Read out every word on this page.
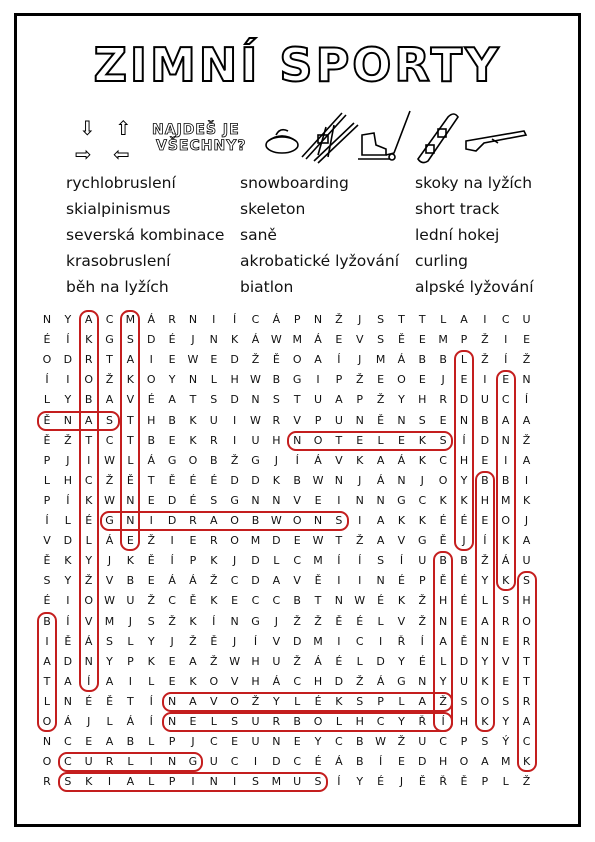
ZIMNÍ SPORTY
⇩ ⇧
⇨ ⇦
NAJDEŠ JE
VŠECHNY?
rychlobruslení
skialpinismus
severská kombinace
krasobruslení
běh na lyžích
snowboarding
skeleton
saně
akrobatické lyžování
biatlon
skoky na lyžích
short track
lední hokej
curling
alpské lyžování
N	Y	A	C	M	Á	R	N	I	Í	C	Á	P	N	Ž	J	S	T	T	L	A	I	C	U
É	Í	K	G	S	D	É	J	N	K	Á	W M	Á	E	V	S	Ě	E	M	P	Ž	I	E
O	D	R	T	A	I	E	W	E	D	Ž	Ě	O	A	Í	J	M	Á	B	B	L	Ž	Í	Ž
Í	I	O	Ž	K	O	Y	N	L	H	W	B	G	I	P	Ž	E	O	E	J	E	I	E	N
L	Y	B	A	V	É	A	T	S	D	N	S	T	U	A	P	Ž	Y	H	R	D	U	C	Í
Ě	N	A	S	T	H	B	K	U	I	W	R	V	P	U	N	Ě	N	S	E	N	B	A	A
Ě	Ž	T	C	T	B	E	K	R	I	U	H	N	O	T	E	L	E	K	S	Í	D	N	Ž
P	J	I	W	L	Á	G	O	B	Ž	G	J	Í	Á	V	K	A	Á	K	C	H	E	I	A
L	H	C	Ž	Ě	T	Ě	É	É	D	D	K	B	W	N	J	Á	N	J	O	Y	B	B	I
P	Í	K	W	N	E	D	É	S	G	N	N	V	E	I	N	N	G	C	K	K	H	M	K
Í	L	É	G	N	I	D	R	A	O	B	W	O	N	S	I	A	K	K	É	É	E	O	J
V	D	L	Á	E	Ž	I	E	R	O	M	D	E	W	T	Ž	A	V	G	Ě	J	Í	K	A
Ě	K	Y	J	K	Ě	Í	P	K	J	D	L	C	M	Í	Í	S	Í	U	B	B	Ž	Á	U
S	Y	Ž	V	B	E	Á	Á	Ž	C	D	A	V	Ě	I	I	N	É	P	Ě	É	Y	K	S
É	I	O	W	U	Ž	C	Ě	K	E	C	C	B	T	N	W	É	K	Ž	H	É	L	S	H
B	Í	V	M	J	S	Ž	K	Í	N	G	J	Ž	Ž	Ě	É	L	V	Ž	N	E	A	R	O
I	Ě	Á	S	L	Y	J	Ž	Ě	J	Í	V	D	M	I	C	I	Ř	Í	A	Ě	N	E	R
A	D	N	Y	P	K	E	A	Ž	W	H	U	Ž	Á	É	L	D	Y	É	L	D	Y	V	T
T	A	Í	A	I	L	E	K	O	V	H	Á	C	H	D	Ž	Á	G	N	Y	U	K	E	T
L	N	É	Ě	T	Í	N	A	V	O	Ž	Y	L	É	K	S	P	L	A	Ž	S	O	S	R
O	Á	J	L	Á	Í	N	E	L	S	U	R	B	O	L	H	C	Y	Ř	Í	H	K	Y	A
N	C	E	A	B	L	P	J	C	E	U	N	E	Y	C	B	W	Ž	U	C	P	S	Ý	C
O	C	U	R	L	I	N	G	U	C	I	D	C	É	Á	B	Í	E	D	H	O	A	M	K
R	S	K	I	A	L	P	I	N	I	S	M	U	S	Í	Y	É	J	Ě	Ř	Ě	P	L	Ž
